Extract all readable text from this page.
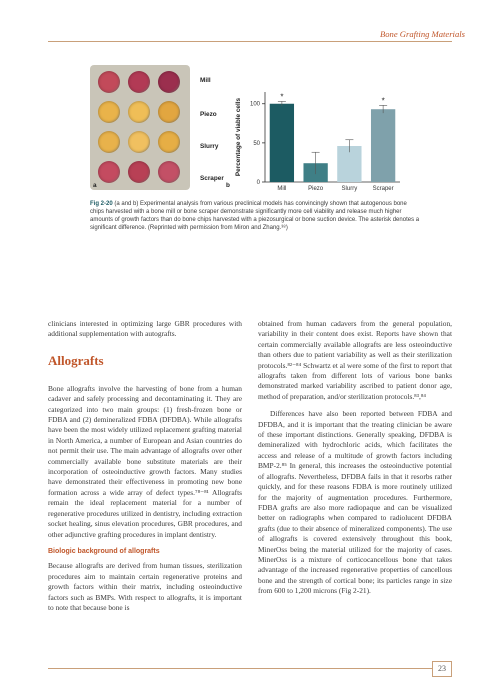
Bone Grafting Materials
Mill
Piezo
Slurry
Scraper
a	b	0
50
100
Percentage of viable cells
*
Mill	Piezo	Slurry
*
Scraper
Fig 2-20 (a and b) Experimental analysis from various preclinical models has convincingly shown that autogenous bone chips harvested with a bone mill or bone scraper demonstrate significantly more cell viability and release much higher amounts of growth factors than do bone chips harvested with a piezosurgical or bone suction device. The asterisk denotes a significant difference. (Reprinted with permission from Miron and Zhang.³⁸)

clinicians interested in optimizing large GBR procedures with additional supplementation with autografts.

Bone allografts involve the harvesting of bone from a human cadaver and safely processing and decontaminating it. They are categorized into two main groups: (1) fresh-frozen bone or FDBA and (2) demineralized FDBA (DFDBA). While allografts have been the most widely utilized replacement grafting material in North America, a number of European and Asian countries do not permit their use. The main advantage of allografts over other commercially available bone substitute materials are their incorporation of osteoinductive growth factors. Many studies have demonstrated their effectiveness in promoting new bone formation across a wide array of defect types.⁷⁸⁻⁸¹ Allografts remain the ideal replacement material for a number of regenerative procedures utilized in dentistry, including extraction socket healing, sinus elevation procedures, GBR procedures, and other adjunctive grafting procedures in implant dentistry.

Biologic background of allografts

Because allografts are derived from human tissues, sterilization procedures aim to maintain certain regenerative proteins and growth factors within their matrix, including osteoinductive factors such as BMPs. With respect to allografts, it is important to note that because bone is

Allografts

obtained from human cadavers from the general population, variability in their content does exist. Reports have shown that certain commercially available allografts are less osteoinductive than others due to patient variability as well as their sterilization protocols.⁸²⁻⁸⁴ Schwartz et al were some of the first to report that allografts taken from different lots of various bone banks demonstrated marked variability ascribed to patient donor age, method of preparation, and/or sterilization protocols.⁸³,⁸⁴

Differences have also been reported between FDBA and DFDBA, and it is important that the treating clinician be aware of these important distinctions. Generally speaking, DFDBA is demineralized with hydrochloric acids, which facilitates the access and release of a multitude of growth factors including BMP-2.⁸⁵ In general, this increases the osteoinductive potential of allografts. Nevertheless, DFDBA fails in that it resorbs rather quickly, and for these reasons FDBA is more routinely utilized for the majority of augmentation procedures. Furthermore, FDBA grafts are also more radiopaque and can be visualized better on radiographs when compared to radiolucent DFDBA grafts (due to their absence of mineralized components). The use of allografts is covered extensively throughout this book, MinerOss being the material utilized for the majority of cases. MinerOss is a mixture of corticocancellous bone that takes advantage of the increased regenerative properties of cancellous bone and the strength of cortical bone; its particles range in size from 600 to 1,200 microns (Fig 2-21).

23
